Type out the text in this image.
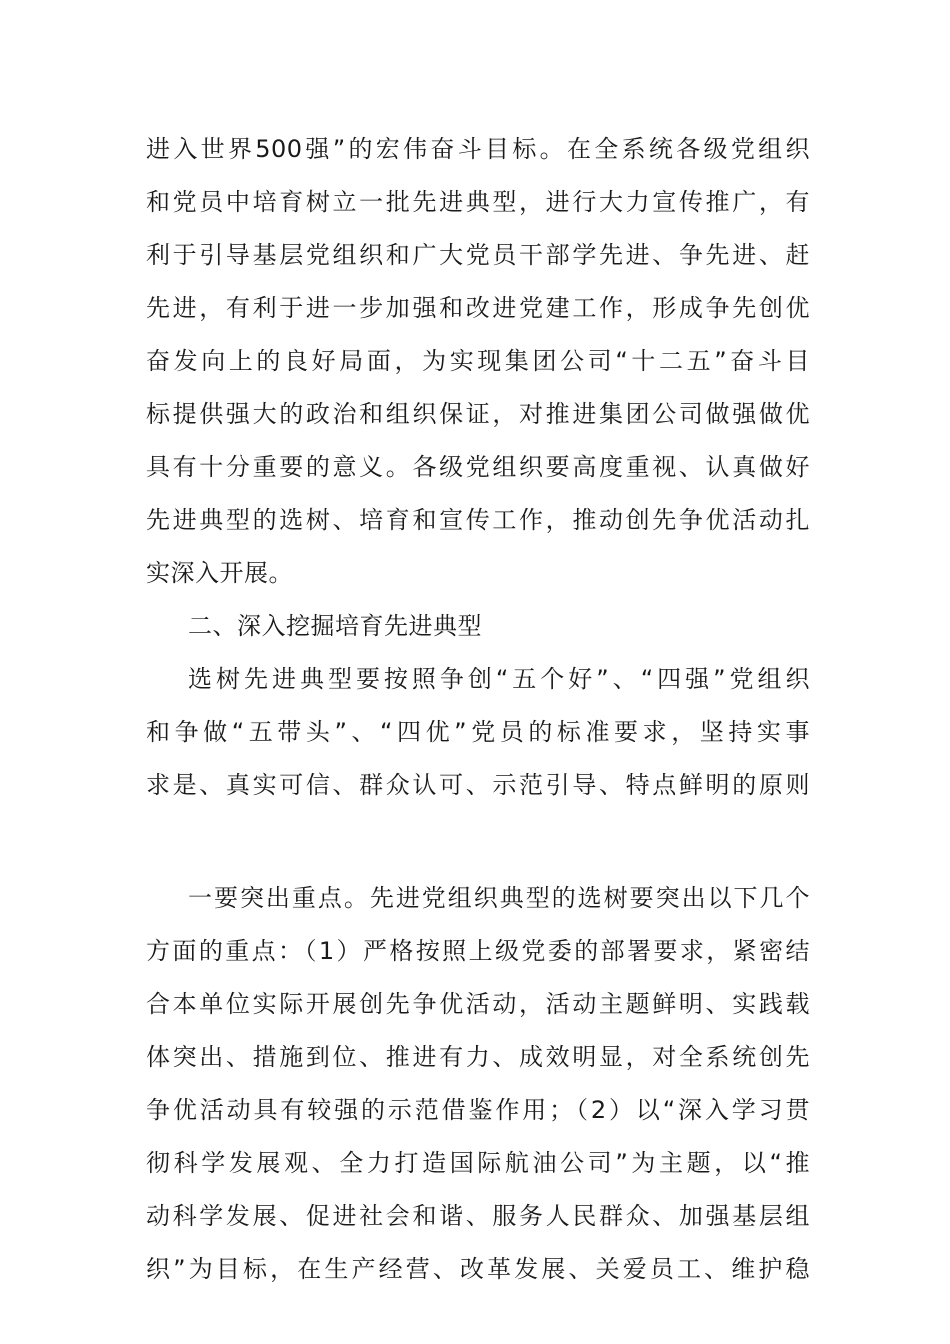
进入世界500强”的宏伟奋斗目标。在全系统各级党组织
和党员中培育树立一批先进典型，进行大力宣传推广，有
利于引导基层党组织和广大党员干部学先进、争先进、赶
先进，有利于进一步加强和改进党建工作，形成争先创优
奋发向上的良好局面，为实现集团公司“十二五”奋斗目
标提供强大的政治和组织保证，对推进集团公司做强做优
具有十分重要的意义。各级党组织要高度重视、认真做好
先进典型的选树、培育和宣传工作，推动创先争优活动扎
实深入开展。
二、深入挖掘培育先进典型
选树先进典型要按照争创“五个好”、“四强”党组织
和争做“五带头”、“四优”党员的标准要求，坚持实事
求是、真实可信、群众认可、示范引导、特点鲜明的原则
一要突出重点。先进党组织典型的选树要突出以下几个
方面的重点：（1）严格按照上级党委的部署要求，紧密结
合本单位实际开展创先争优活动，活动主题鲜明、实践载
体突出、措施到位、推进有力、成效明显，对全系统创先
争优活动具有较强的示范借鉴作用；（2）以“深入学习贯
彻科学发展观、全力打造国际航油公司”为主题，以“推
动科学发展、促进社会和谐、服务人民群众、加强基层组
织”为目标，在生产经营、改革发展、关爱员工、维护稳
